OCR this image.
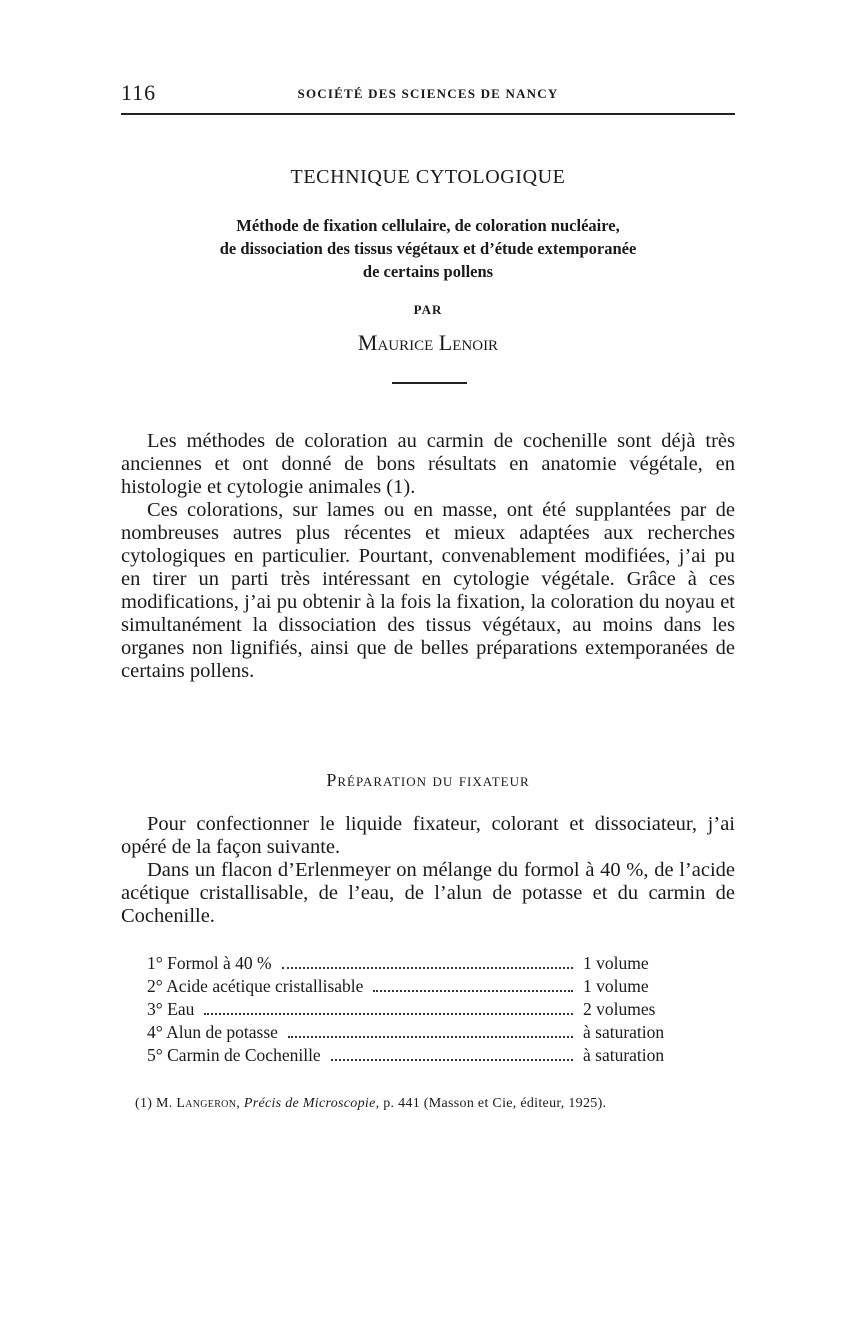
116	SOCIÉTÉ DES SCIENCES DE NANCY
TECHNIQUE CYTOLOGIQUE
Méthode de fixation cellulaire, de coloration nucléaire,
de dissociation des tissus végétaux et d’étude extemporanée
de certains pollens
PAR
Maurice Lenoir

Les méthodes de coloration au carmin de cochenille sont déjà très anciennes et ont donné de bons résultats en anatomie végétale, en histologie et cytologie animales (1).

Ces colorations, sur lames ou en masse, ont été supplantées par de nombreuses autres plus récentes et mieux adaptées aux recherches cytologiques en particulier. Pourtant, convenablement modifiées, j’ai pu en tirer un parti très intéressant en cytologie végétale. Grâce à ces modifications, j’ai pu obtenir à la fois la fixation, la coloration du noyau et simultanément la dissociation des tissus végétaux, au moins dans les organes non lignifiés, ainsi que de belles préparations extemporanées de certains pollens.

Préparation du fixateur

Pour confectionner le liquide fixateur, colorant et dissociateur, j’ai opéré de la façon suivante.

Dans un flacon d’Erlenmeyer on mélange du formol à 40 %, de l’acide acétique cristallisable, de l’eau, de l’alun de potasse et du carmin de Cochenille.

1° Formol à 40 %	1 volume
2° Acide acétique cristallisable	1 volume
3° Eau	2 volumes
4° Alun de potasse	à saturation
5° Carmin de Cochenille	à saturation
(1) M. Langeron, Précis de Microscopie, p. 441 (Masson et Cie, éditeur, 1925).
